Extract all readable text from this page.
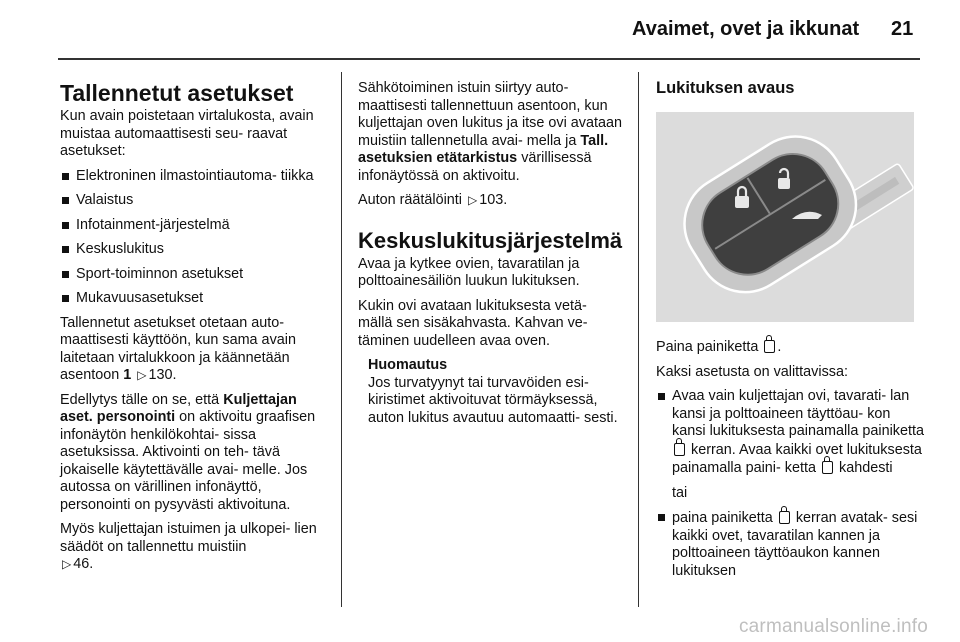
Avaimet, ovet ja ikkunat 21
Tallennetut asetukset

Kun avain poistetaan virtalukosta, avain muistaa automaattisesti seu- raavat asetukset:

Elektroninen ilmastointiautoma- tiikka
Valaistus
Infotainment-järjestelmä
Keskuslukitus
Sport-toiminnon asetukset
Mukavuusasetukset

Tallennetut asetukset otetaan auto- maattisesti käyttöön, kun sama avain laitetaan virtalukkoon ja käännetään asentoon 1 ▷ 130.

Edellytys tälle on se, että Kuljettajan aset. personointi on aktivoitu graafisen infonäytön henkilökohtai- sissa asetuksissa. Aktivointi on teh- tävä jokaiselle käytettävälle avai- melle. Jos autossa on värillinen infonäyttö, personointi on pysyvästi aktivoituna.

Myös kuljettajan istuimen ja ulkopei- lien säädöt on tallennettu muistiin
▷ 46.

Sähkötoiminen istuin siirtyy auto- maattisesti tallennettuun asentoon, kun kuljettajan oven lukitus ja itse ovi avataan muistiin tallennetulla avai- mella ja Tall. asetuksien etätarkistus värillisessä infonäytössä on aktivoitu.

Auton räätälöinti ▷ 103.

Keskuslukitusjärjestelmä

Avaa ja kytkee ovien, tavaratilan ja polttoainesäiliön luukun lukituksen.

Kukin ovi avataan lukituksesta vetä- mällä sen sisäkahvasta. Kahvan ve- täminen uudelleen avaa oven.

Huomautus
Jos turvatyynyt tai turvavöiden esi- kiristimet aktivoituvat törmäyksessä, auton lukitus avautuu automaatti- sesti.
Lukituksen avaus

Paina painiketta .

Kaksi asetusta on valittavissa:

Avaa vain kuljettajan ovi, tavarati- lan kansi ja polttoaineen täyttöau- kon kansi lukituksesta painamalla painiketta  kerran. Avaa kaikki ovet lukituksesta painamalla paini- ketta kahdesti

tai

paina painiketta kerran avatak- sesi kaikki ovet, tavaratilan kannen ja polttoaineen täyttöaukon kannen lukituksen
carmanualsonline.info
